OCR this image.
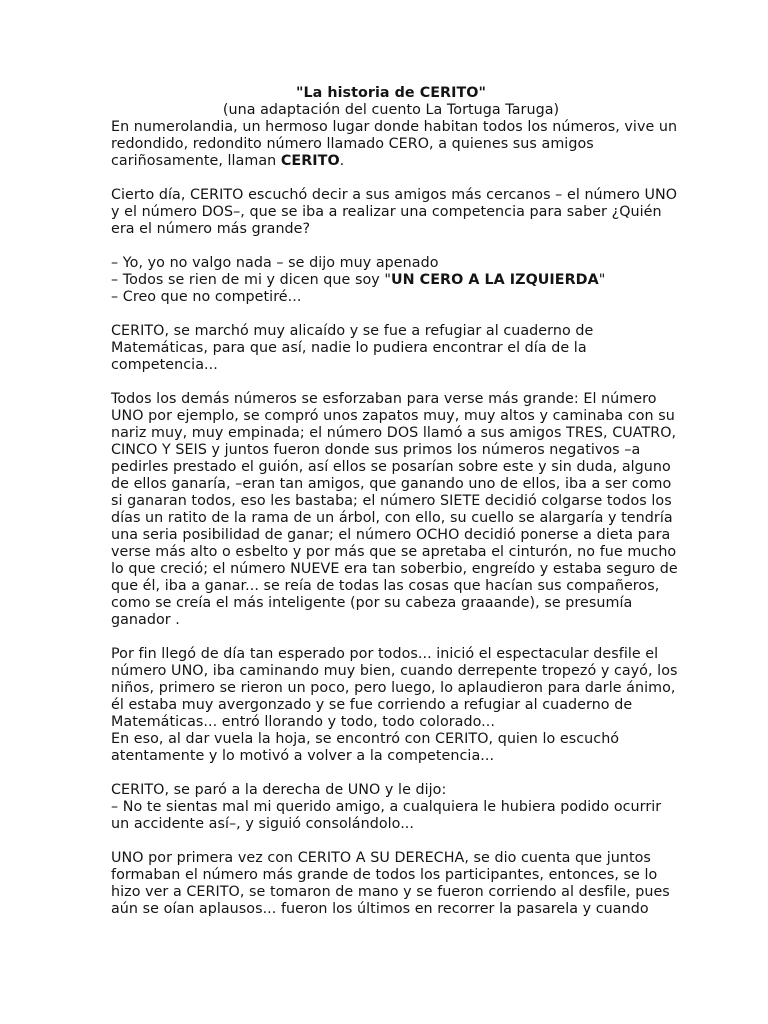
"La historia de CERITO"

(una adaptación del cuento La Tortuga Taruga)

En numerolandia, un hermoso lugar donde habitan todos los números, vive un
redondido, redondito número llamado CERO, a quienes sus amigos
cariñosamente, llaman CERITO.

Cierto día, CERITO escuchó decir a sus amigos más cercanos – el número UNO
y el número DOS–, que se iba a realizar una competencia para saber ¿Quién
era el número más grande?

– Yo, yo no valgo nada – se dijo muy apenado
– Todos se rien de mi y dicen que soy "UN CERO A LA IZQUIERDA"
– Creo que no competiré...

CERITO, se marchó muy alicaído y se fue a refugiar al cuaderno de
Matemáticas, para que así, nadie lo pudiera encontrar el día de la
competencia...

Todos los demás números se esforzaban para verse más grande: El número
UNO por ejemplo, se compró unos zapatos muy, muy altos y caminaba con su
nariz muy, muy empinada; el número DOS llamó a sus amigos TRES, CUATRO,
CINCO Y SEIS y juntos fueron donde sus primos los números negativos –a
pedirles prestado el guión, así ellos se posarían sobre este y sin duda, alguno
de ellos ganaría, –eran tan amigos, que ganando uno de ellos, iba a ser como
si ganaran todos, eso les bastaba; el número SIETE decidió colgarse todos los
días un ratito de la rama de un árbol, con ello, su cuello se alargaría y tendría
una seria posibilidad de ganar; el número OCHO decidió ponerse a dieta para
verse más alto o esbelto y por más que se apretaba el cinturón, no fue mucho
lo que creció; el número NUEVE era tan soberbio, engreído y estaba seguro de
que él, iba a ganar... se reía de todas las cosas que hacían sus compañeros,
como se creía el más inteligente (por su cabeza graaande), se presumía
ganador .

Por fin llegó de día tan esperado por todos... inició el espectacular desfile el
número UNO, iba caminando muy bien, cuando derrepente tropezó y cayó, los
niños, primero se rieron un poco, pero luego, lo aplaudieron para darle ánimo,
él estaba muy avergonzado y se fue corriendo a refugiar al cuaderno de
Matemáticas... entró llorando y todo, todo colorado...
En eso, al dar vuela la hoja, se encontró con CERITO, quien lo escuchó
atentamente y lo motivó a volver a la competencia...

CERITO, se paró a la derecha de UNO y le dijo:
– No te sientas mal mi querido amigo, a cualquiera le hubiera podido ocurrir
un accidente así–, y siguió consolándolo...

UNO por primera vez con CERITO A SU DERECHA, se dio cuenta que juntos
formaban el número más grande de todos los participantes, entonces, se lo
hizo ver a CERITO, se tomaron de mano y se fueron corriendo al desfile, pues
aún se oían aplausos... fueron los últimos en recorrer la pasarela y cuando
